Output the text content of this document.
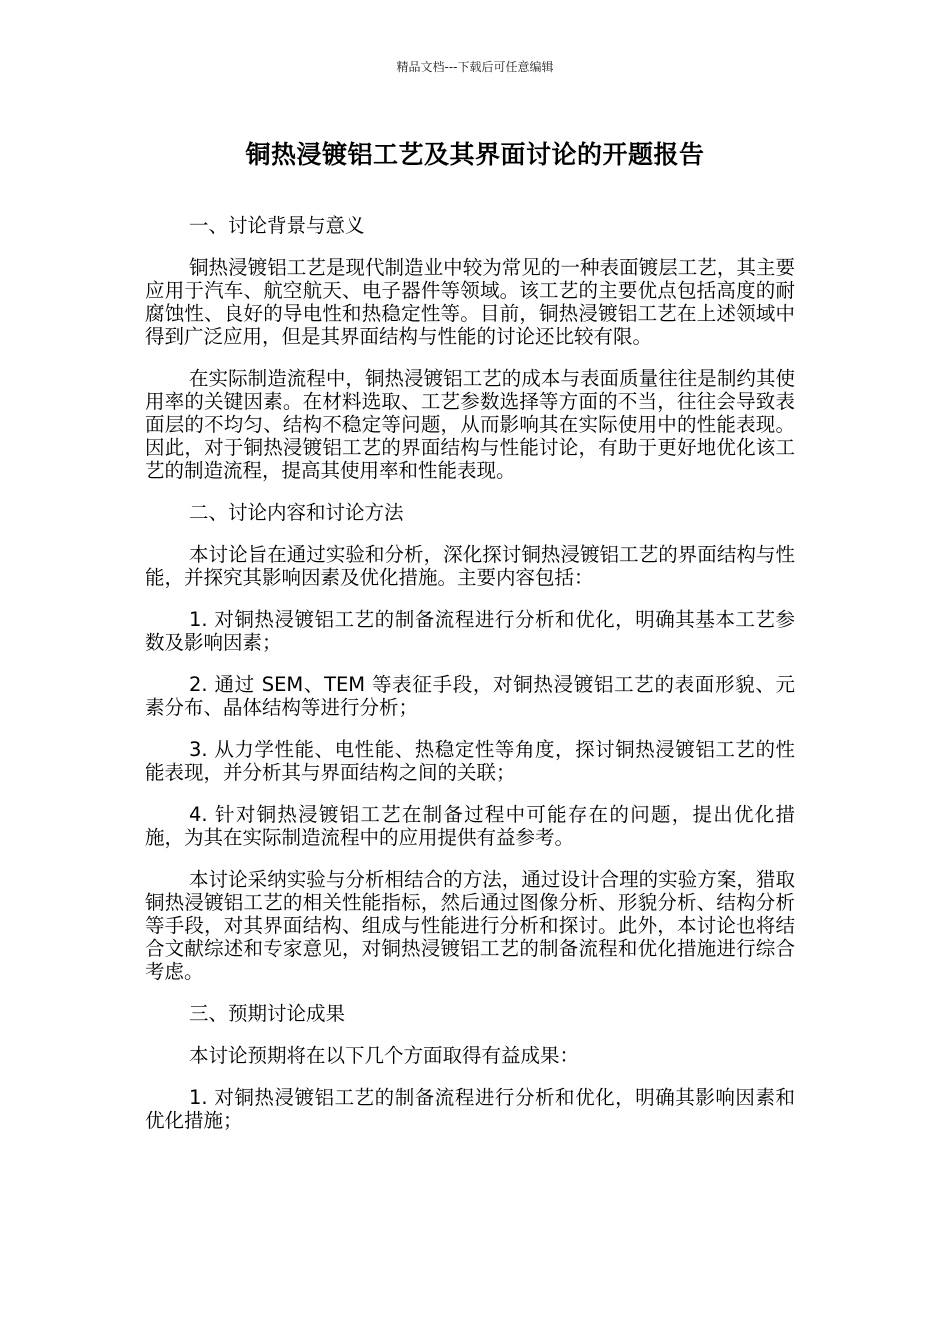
精品文档---下载后可任意编辑
铜热浸镀铝工艺及其界面讨论的开题报告

一、讨论背景与意义

铜热浸镀铝工艺是现代制造业中较为常见的一种表面镀层工艺，其主要应用于汽车、航空航天、电子器件等领域。该工艺的主要优点包括高度的耐腐蚀性、良好的导电性和热稳定性等。目前，铜热浸镀铝工艺在上述领域中得到广泛应用，但是其界面结构与性能的讨论还比较有限。

在实际制造流程中，铜热浸镀铝工艺的成本与表面质量往往是制约其使用率的关键因素。在材料选取、工艺参数选择等方面的不当，往往会导致表面层的不均匀、结构不稳定等问题，从而影响其在实际使用中的性能表现。因此，对于铜热浸镀铝工艺的界面结构与性能讨论，有助于更好地优化该工艺的制造流程，提高其使用率和性能表现。

二、讨论内容和讨论方法

本讨论旨在通过实验和分析，深化探讨铜热浸镀铝工艺的界面结构与性能，并探究其影响因素及优化措施。主要内容包括：

1. 对铜热浸镀铝工艺的制备流程进行分析和优化，明确其基本工艺参数及影响因素；

2. 通过 SEM、TEM 等表征手段，对铜热浸镀铝工艺的表面形貌、元素分布、晶体结构等进行分析；

3. 从力学性能、电性能、热稳定性等角度，探讨铜热浸镀铝工艺的性能表现，并分析其与界面结构之间的关联；

4. 针对铜热浸镀铝工艺在制备过程中可能存在的问题，提出优化措施，为其在实际制造流程中的应用提供有益参考。

本讨论采纳实验与分析相结合的方法，通过设计合理的实验方案，猎取铜热浸镀铝工艺的相关性能指标，然后通过图像分析、形貌分析、结构分析等手段，对其界面结构、组成与性能进行分析和探讨。此外，本讨论也将结合文献综述和专家意见，对铜热浸镀铝工艺的制备流程和优化措施进行综合考虑。

三、预期讨论成果

本讨论预期将在以下几个方面取得有益成果：

1. 对铜热浸镀铝工艺的制备流程进行分析和优化，明确其影响因素和优化措施；
